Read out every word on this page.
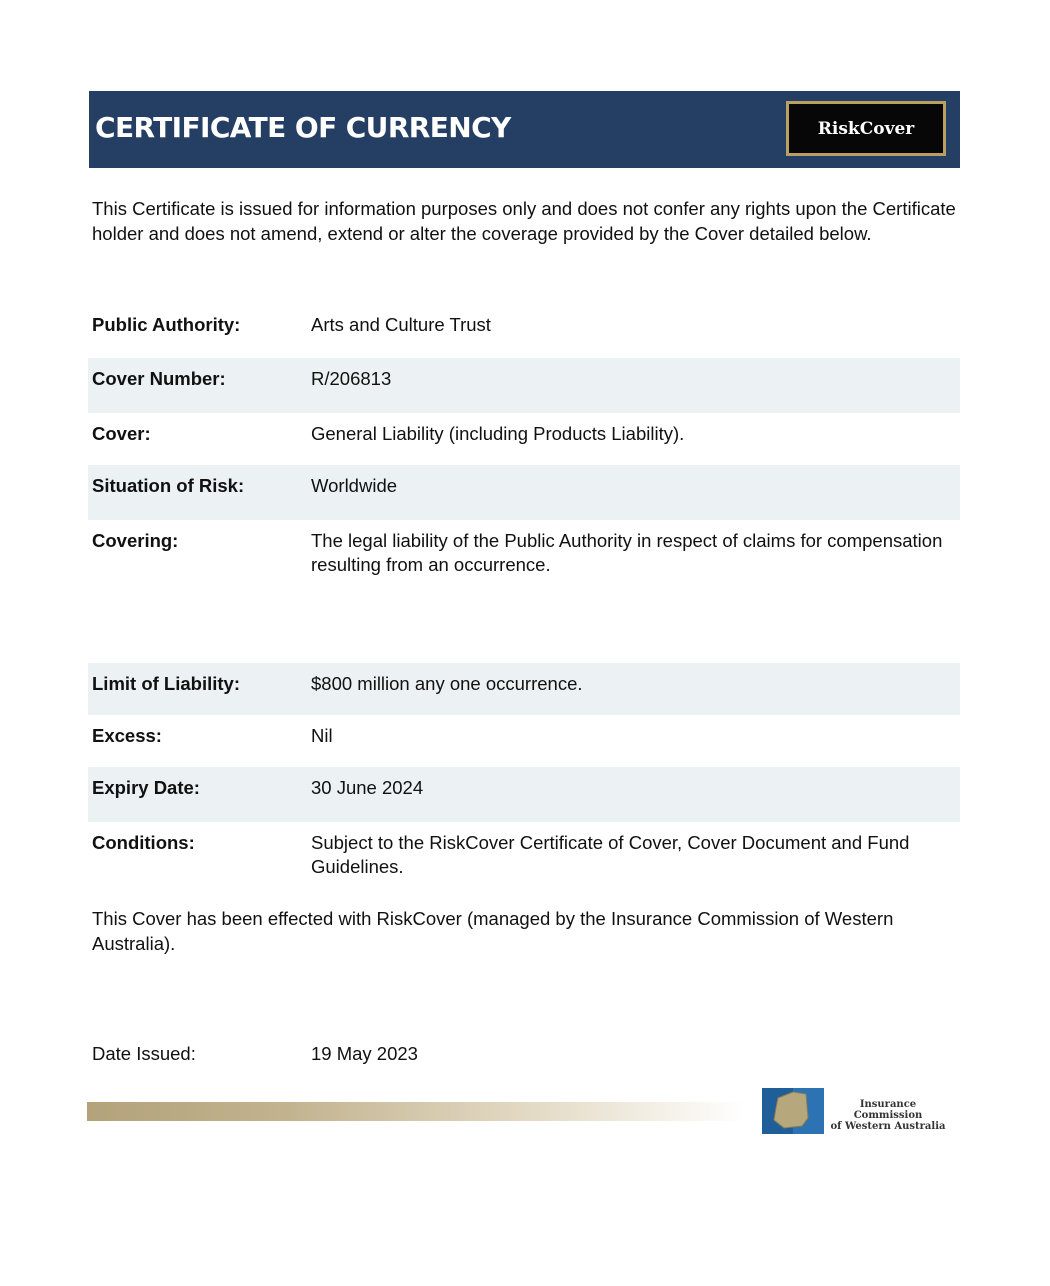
CERTIFICATE OF CURRENCY	RiskCover
This Certificate is issued for information purposes only and does not confer any rights upon the Certificate holder and does not amend, extend or alter the coverage provided by the Cover detailed below.
Public Authority:	Arts and Culture Trust
Cover Number:	R/206813
Cover:	General Liability (including Products Liability).
Situation of Risk:	Worldwide
Covering:	The legal liability of the Public Authority in respect of claims for compensation resulting from an occurrence.
Limit of Liability:	$800 million any one occurrence.
Excess:	Nil
Expiry Date:	30 June 2024
Conditions:	Subject to the RiskCover Certificate of Cover, Cover Document and Fund Guidelines.
This Cover has been effected with RiskCover (managed by the Insurance Commission of Western Australia).
Date Issued:	19 May 2023
Insurance Commission
of Western Australia
